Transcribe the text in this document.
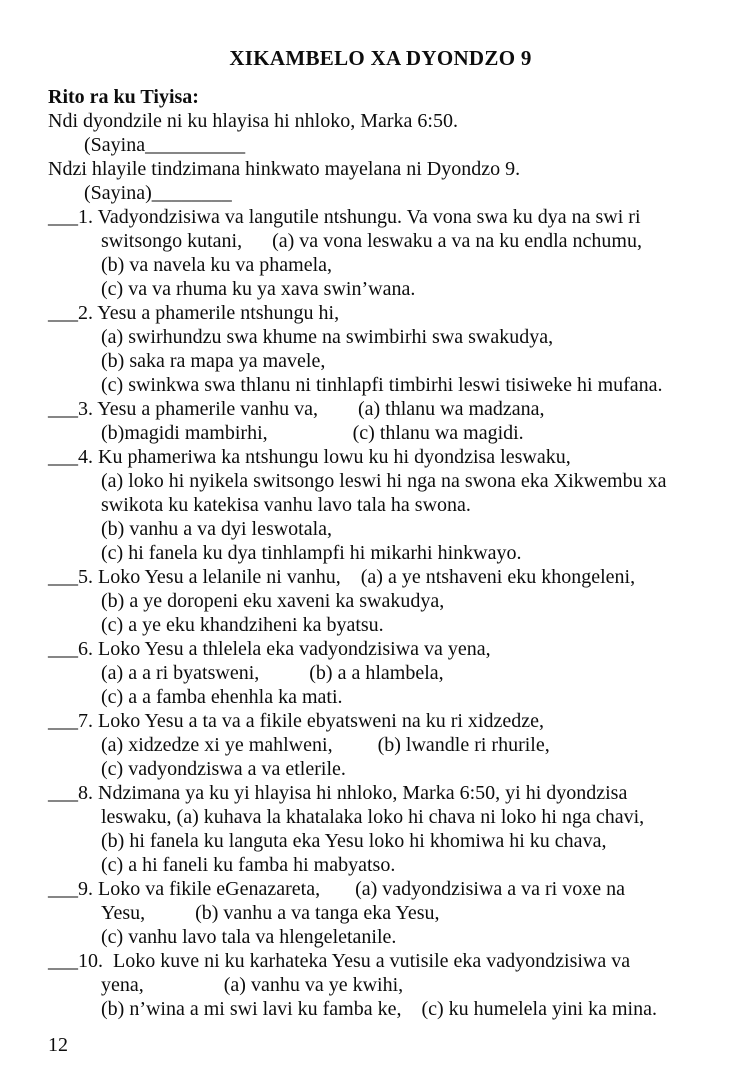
XIKAMBELO XA DYONDZO 9
Rito ra ku Tiyisa:
Ndi dyondzile ni ku hlayisa hi nhloko, Marka 6:50.
(Sayina__________
Ndzi hlayile tindzimana hinkwato mayelana ni Dyondzo 9.
(Sayina)________
___1. Vadyondzisiwa va langutile ntshungu. Va vona swa ku dya na swi ri
switsongo kutani,      (a) va vona leswaku a va na ku endla nchumu,
(b) va navela ku va phamela,
(c) va va rhuma ku ya xava swin’wana.
___2. Yesu a phamerile ntshungu hi,
(a) swirhundzu swa khume na swimbirhi swa swakudya,
(b) saka ra mapa ya mavele,
(c) swinkwa swa thlanu ni tinhlapfi timbirhi leswi tisiweke hi mufana.
___3. Yesu a phamerile vanhu va,        (a) thlanu wa madzana,
(b)magidi mambirhi,                 (c) thlanu wa magidi.
___4. Ku phameriwa ka ntshungu lowu ku hi dyondzisa leswaku,
(a) loko hi nyikela switsongo leswi hi nga na swona eka Xikwembu xa
swikota ku katekisa vanhu lavo tala ha swona.
(b) vanhu a va dyi leswotala,
(c) hi fanela ku dya tinhlampfi hi mikarhi hinkwayo.
___5. Loko Yesu a lelanile ni vanhu,    (a) a ye ntshaveni eku khongeleni,
(b) a ye doropeni eku xaveni ka swakudya,
(c) a ye eku khandziheni ka byatsu.
___6. Loko Yesu a thlelela eka vadyondzisiwa va yena,
(a) a a ri byatsweni,          (b) a a hlambela,
(c) a a famba ehenhla ka mati.
___7. Loko Yesu a ta va a fikile ebyatsweni na ku ri xidzedze,
(a) xidzedze xi ye mahlweni,         (b) lwandle ri rhurile,
(c) vadyondziswa a va etlerile.
___8. Ndzimana ya ku yi hlayisa hi nhloko, Marka 6:50, yi hi dyondzisa
leswaku, (a) kuhava la khatalaka loko hi chava ni loko hi nga chavi,
(b) hi fanela ku languta eka Yesu loko hi khomiwa hi ku chava,
(c) a hi faneli ku famba hi mabyatso.
___9. Loko va fikile eGenazareta,       (a) vadyondzisiwa a va ri voxe na
Yesu,          (b) vanhu a va tanga eka Yesu,
(c) vanhu lavo tala va hlengeletanile.
___10.  Loko kuve ni ku karhateka Yesu a vutisile eka vadyondzisiwa va
yena,                (a) vanhu va ye kwihi,
(b) n’wina a mi swi lavi ku famba ke,    (c) ku humelela yini ka mina.
12
